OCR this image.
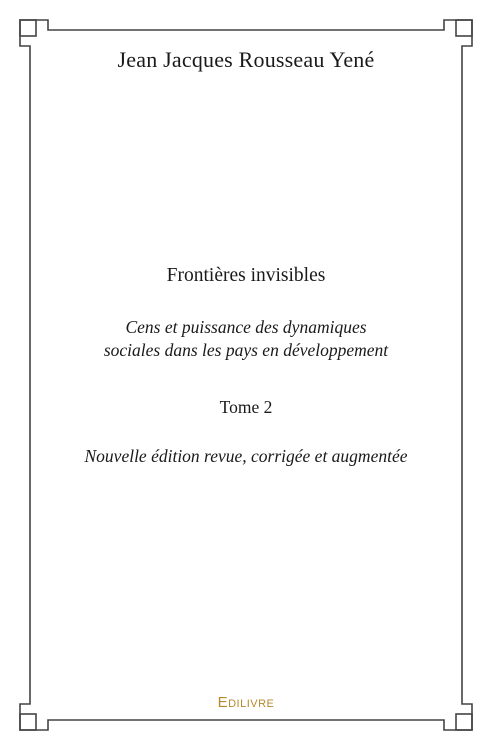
Jean Jacques Rousseau Yené
Frontières invisibles
Cens et puissance des dynamiques
sociales dans les pays en développement
Tome 2
Nouvelle édition revue, corrigée et augmentée
Edilivre
